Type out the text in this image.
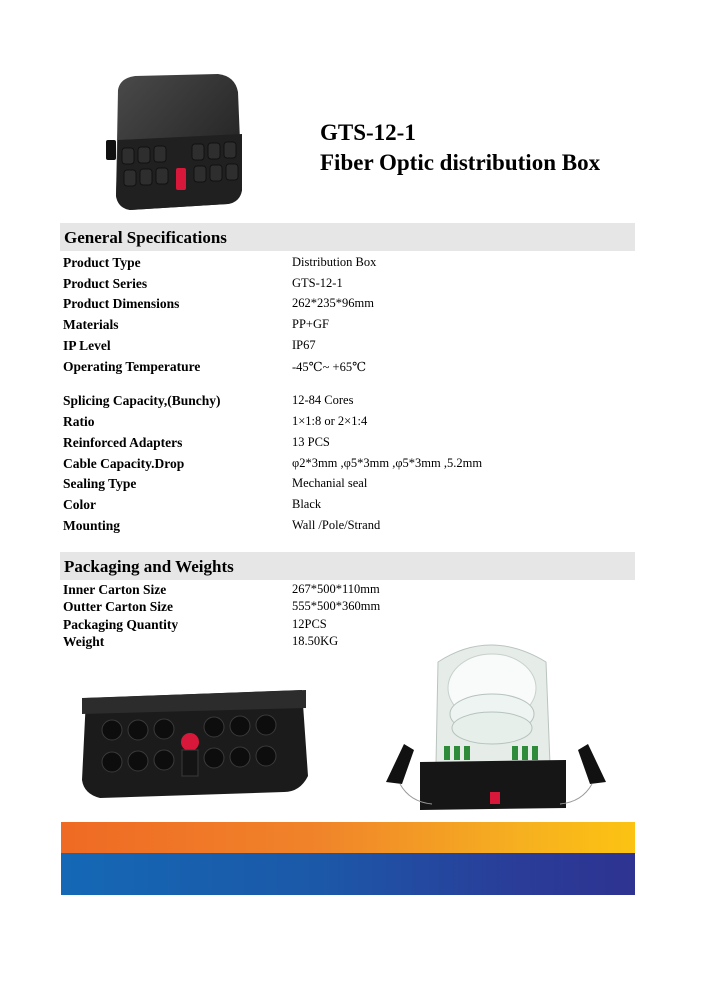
GTS-12-1
Fiber Optic distribution Box
General Specifications
Product Type	Distribution Box
Product Series	GTS-12-1
Product Dimensions	262*235*96mm
Materials	PP+GF
IP Level	IP67
Operating Temperature	-45℃~ +65℃
Splicing Capacity,(Bunchy)	12-84 Cores
Ratio	1×1:8 or 2×1:4
Reinforced Adapters	13 PCS
Cable Capacity.Drop	φ2*3mm ,φ5*3mm ,φ5*3mm ,5.2mm
Sealing Type	Mechanial seal
Color	Black
Mounting	Wall /Pole/Strand
Packaging and Weights
Inner Carton Size	267*500*110mm
Outter Carton Size	555*500*360mm
Packaging Quantity	12PCS
Weight	18.50KG
